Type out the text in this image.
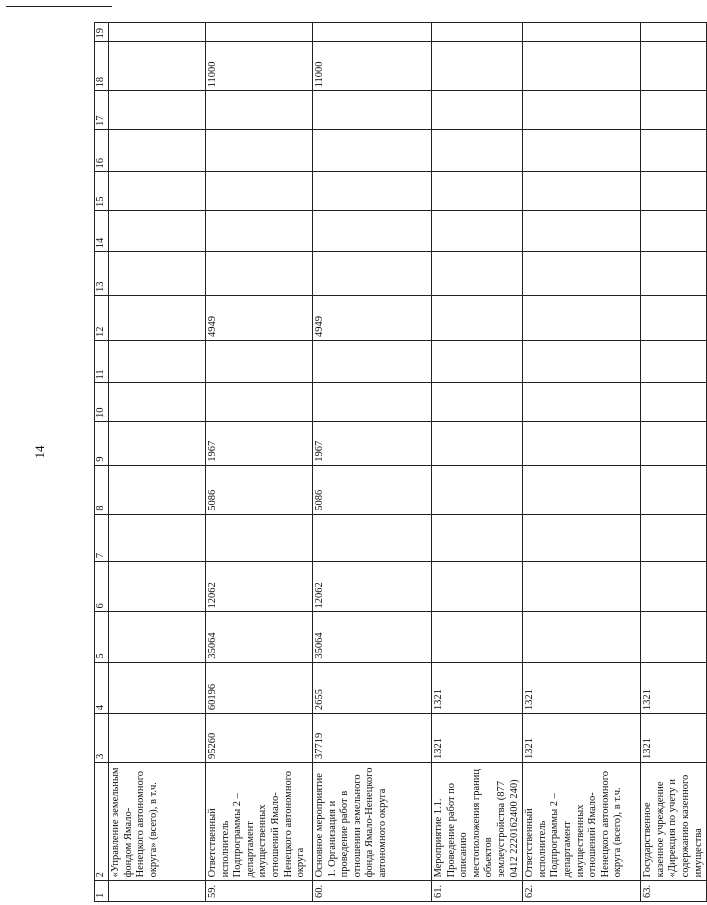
14
1	2	3	4	5	6	7	8	9	10	11	12	13	14	15	16	17	18	19
	«Управление земельным фондом Ямало-Ненецкого автономного округа» (всего), в т.ч.																	
59.	Ответственный исполнитель Подпрограммы 2 – департамент имущественных отношений Ямало-Ненецкого автономного округа	95260	60196	35064	12062		5086	1967			4949						11000	
60.	Основное мероприятие 1. Организация и проведение работ в отношении земельного фонда Ямало-Ненецкого автономного округа	37719	2655	35064	12062		5086	1967			4949						11000	
61.	Мероприятие 1.1. Проведение работ по описанию местоположения границ объектов землеустройства (877 0412 2220162400 240)	1321	1321															
62.	Ответственный исполнитель Подпрограммы 2 – департамент имущественных отношений Ямало-Ненецкого автономного округа (всего), в т.ч.	1321	1321															
63.	Государственное казенное учреждение «Дирекция по учету и содержанию казенного имущества	1321	1321															
